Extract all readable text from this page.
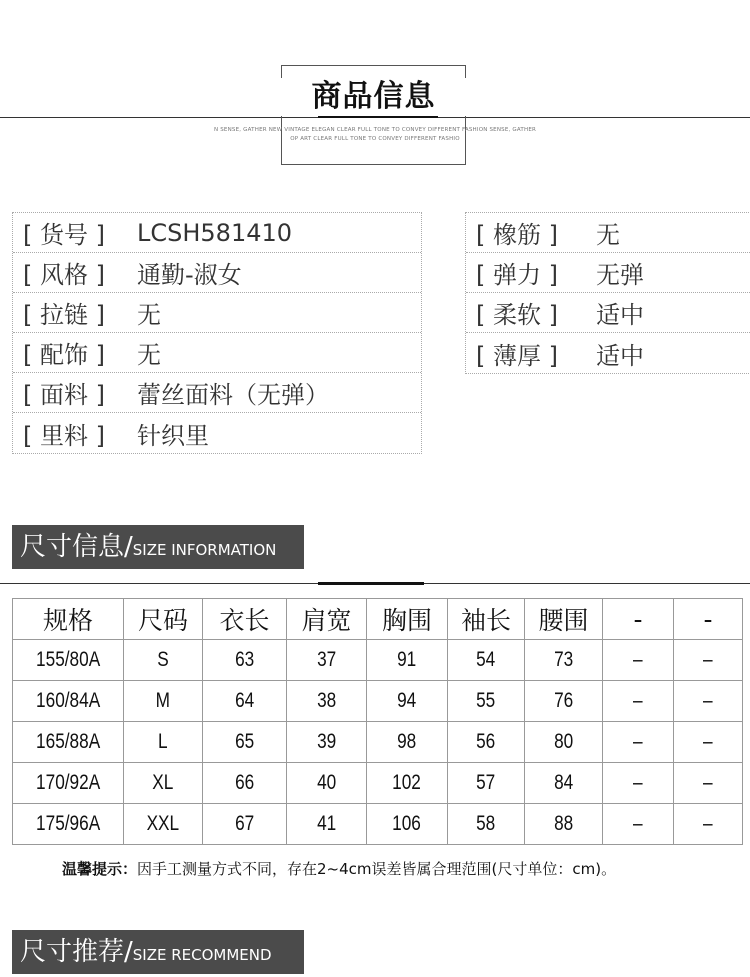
商品信息
N SENSE, GATHER NEW VINTAGE ELEGAN CLEAR FULL TONE TO CONVEY DIFFERENT FASHION SENSE, GATHER
OP ART CLEAR FULL TONE TO CONVEY DIFFERENT FASHIO
[ 货号 ]	LCSH581410
[ 风格 ]	通勤-淑女
[ 拉链 ]	无
[ 配饰 ]	无
[ 面料 ]	蕾丝面料（无弹）
[ 里料 ]	针织里
[ 橡筋 ]	无
[ 弹力 ]	无弹
[ 柔软 ]	适中
[ 薄厚 ]	适中
尺寸信息/ SIZE INFORMATION
规格	尺码	衣长	肩宽	胸围	袖长	腰围	-	-
155/80A	S	63	37	91	54	73	–	–
160/84A	M	64	38	94	55	76	–	–
165/88A	L	65	39	98	56	80	–	–
170/92A	XL	66	40	102	57	84	–	–
175/96A	XXL	67	41	106	58	88	–	–
温馨提示：因手工测量方式不同，存在2~4cm误差皆属合理范围(尺寸单位：cm)。
尺寸推荐/ SIZE RECOMMEND
